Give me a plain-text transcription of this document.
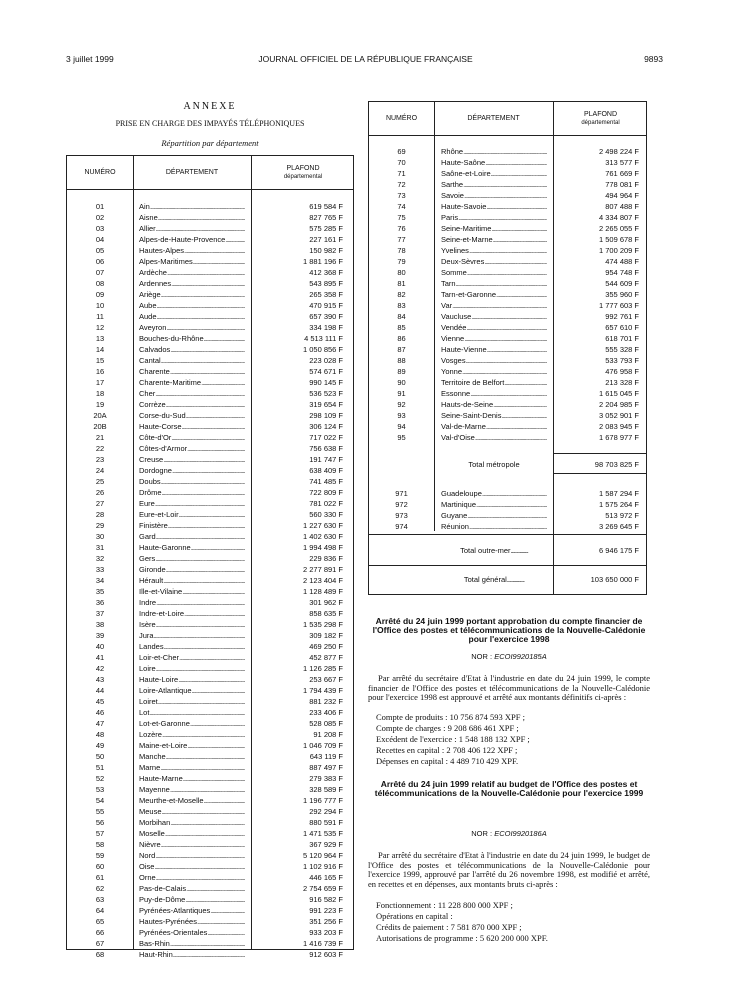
3 juillet 1999	JOURNAL OFFICIEL DE LA RÉPUBLIQUE FRANÇAISE	9893
ANNEXE
PRISE EN CHARGE DES IMPAYÉS TÉLÉPHONIQUES
Répartition par département
NUMÉRO	DÉPARTEMENT
PLAFOND
départemental
01	Ain .....	619 584 F
02	Aisne .....	827 765 F
03	Allier .....	575 285 F
04	Alpes-de-Haute-Provence .....	227 161 F
05	Hautes-Alpes .....	150 982 F
06	Alpes-Maritimes .....	1 881 196 F
07	Ardèche .....	412 368 F
08	Ardennes .....	543 895 F
09	Ariège .....	265 358 F
10	Aube .....	470 915 F
11	Aude .....	657 390 F
12	Aveyron .....	334 198 F
13	Bouches-du-Rhône .....	4 513 111 F
14	Calvados .....	1 050 856 F
15	Cantal .....	223 028 F
16	Charente .....	574 671 F
17	Charente-Maritime .....	990 145 F
18	Cher .....	536 523 F
19	Corrèze .....	319 654 F
20A	Corse-du-Sud .....	298 109 F
20B	Haute-Corse .....	306 124 F
21	Côte-d'Or .....	717 022 F
22	Côtes-d'Armor .....	756 638 F
23	Creuse .....	191 747 F
24	Dordogne .....	638 409 F
25	Doubs .....	741 485 F
26	Drôme .....	722 809 F
27	Eure .....	781 022 F
28	Eure-et-Loir .....	560 330 F
29	Finistère .....	1 227 630 F
30	Gard .....	1 402 630 F
31	Haute-Garonne .....	1 994 498 F
32	Gers .....	229 836 F
33	Gironde .....	2 277 891 F
34	Hérault .....	2 123 404 F
35	Ille-et-Vilaine .....	1 128 489 F
36	Indre .....	301 962 F
37	Indre-et-Loire .....	858 635 F
38	Isère .....	1 535 298 F
39	Jura .....	309 182 F
40	Landes .....	469 250 F
41	Loir-et-Cher .....	452 877 F
42	Loire .....	1 126 285 F
43	Haute-Loire .....	253 667 F
44	Loire-Atlantique .....	1 794 439 F
45	Loiret .....	881 232 F
46	Lot .....	233 406 F
47	Lot-et-Garonne .....	528 085 F
48	Lozère .....	91 208 F
49	Maine-et-Loire .....	1 046 709 F
50	Manche .....	643 119 F
51	Marne .....	887 497 F
52	Haute-Marne .....	279 383 F
53	Mayenne .....	328 589 F
54	Meurthe-et-Moselle .....	1 196 777 F
55	Meuse .....	292 294 F
56	Morbihan .....	880 591 F
57	Moselle .....	1 471 535 F
58	Nièvre .....	367 929 F
59	Nord .....	5 120 964 F
60	Oise .....	1 102 916 F
61	Orne .....	446 165 F
62	Pas-de-Calais .....	2 754 659 F
63	Puy-de-Dôme .....	916 582 F
64	Pyrénées-Atlantiques .....	991 223 F
65	Hautes-Pyrénées .....	351 256 F
66	Pyrénées-Orientales .....	933 203 F
67	Bas-Rhin .....	1 416 739 F
68	Haut-Rhin .....	912 603 F
NUMÉRO	DÉPARTEMENT
PLAFOND
départemental
69	Rhône .....	2 498 224 F
70	Haute-Saône .....	313 577 F
71	Saône-et-Loire .....	761 669 F
72	Sarthe .....	778 081 F
73	Savoie .....	494 964 F
74	Haute-Savoie .....	807 488 F
75	Paris .....	4 334 807 F
76	Seine-Maritime .....	2 265 055 F
77	Seine-et-Marne .....	1 509 678 F
78	Yvelines .....	1 700 209 F
79	Deux-Sèvres .....	474 488 F
80	Somme .....	954 748 F
81	Tarn .....	544 609 F
82	Tarn-et-Garonne .....	355 960 F
83	Var .....	1 777 603 F
84	Vaucluse .....	992 761 F
85	Vendée .....	657 610 F
86	Vienne .....	618 701 F
87	Haute-Vienne .....	555 328 F
88	Vosges .....	533 793 F
89	Yonne .....	476 958 F
90	Territoire de Belfort .....	213 328 F
91	Essonne .....	1 615 045 F
92	Hauts-de-Seine .....	2 204 985 F
93	Seine-Saint-Denis .....	3 052 901 F
94	Val-de-Marne .....	2 083 945 F
95	Val-d'Oise .....	1 678 977 F
Total métropole	98 703 825 F
971	Guadeloupe .....	1 587 294 F
972	Martinique .....	1 575 264 F
973	Guyane .....	513 972 F
974	Réunion .....	3 269 645 F
Total outre-mer .....	6 946 175 F
Total général .....	103 650 000 F
Arrêté du 24 juin 1999 portant approbation du compte financier de l'Office des postes et télécommunications de la Nouvelle-Calédonie pour l'exercice 1998
NOR : ECOI9920185A

Par arrêté du secrétaire d'Etat à l'industrie en date du 24 juin 1999, le compte financier de l'Office des postes et télécommunications de la Nouvelle-Calédonie pour l'exercice 1998 est approuvé et arrêté aux montants définitifs ci-après :

Compte de produits : 10 756 874 593 XPF ;
Compte de charges : 9 208 686 461 XPF ;
Excédent de l'exercice : 1 548 188 132 XPF ;
Recettes en capital : 2 708 406 122 XPF ;
Dépenses en capital : 4 489 710 429 XPF.
Arrêté du 24 juin 1999 relatif au budget de l'Office des postes et télécommunications de la Nouvelle-Calédonie pour l'exercice 1999
NOR : ECOI9920186A

Par arrêté du secrétaire d'Etat à l'industrie en date du 24 juin 1999, le budget de l'Office des postes et télécommunications de la Nouvelle-Calédonie pour l'exercice 1999, approuvé par l'arrêté du 26 novembre 1998, est modifié et arrêté, en recettes et en dépenses, aux montants bruts ci-après :

Fonctionnement : 11 228 800 000 XPF ;
Opérations en capital :
Crédits de paiement : 7 581 870 000 XPF ;
Autorisations de programme : 5 620 200 000 XPF.
